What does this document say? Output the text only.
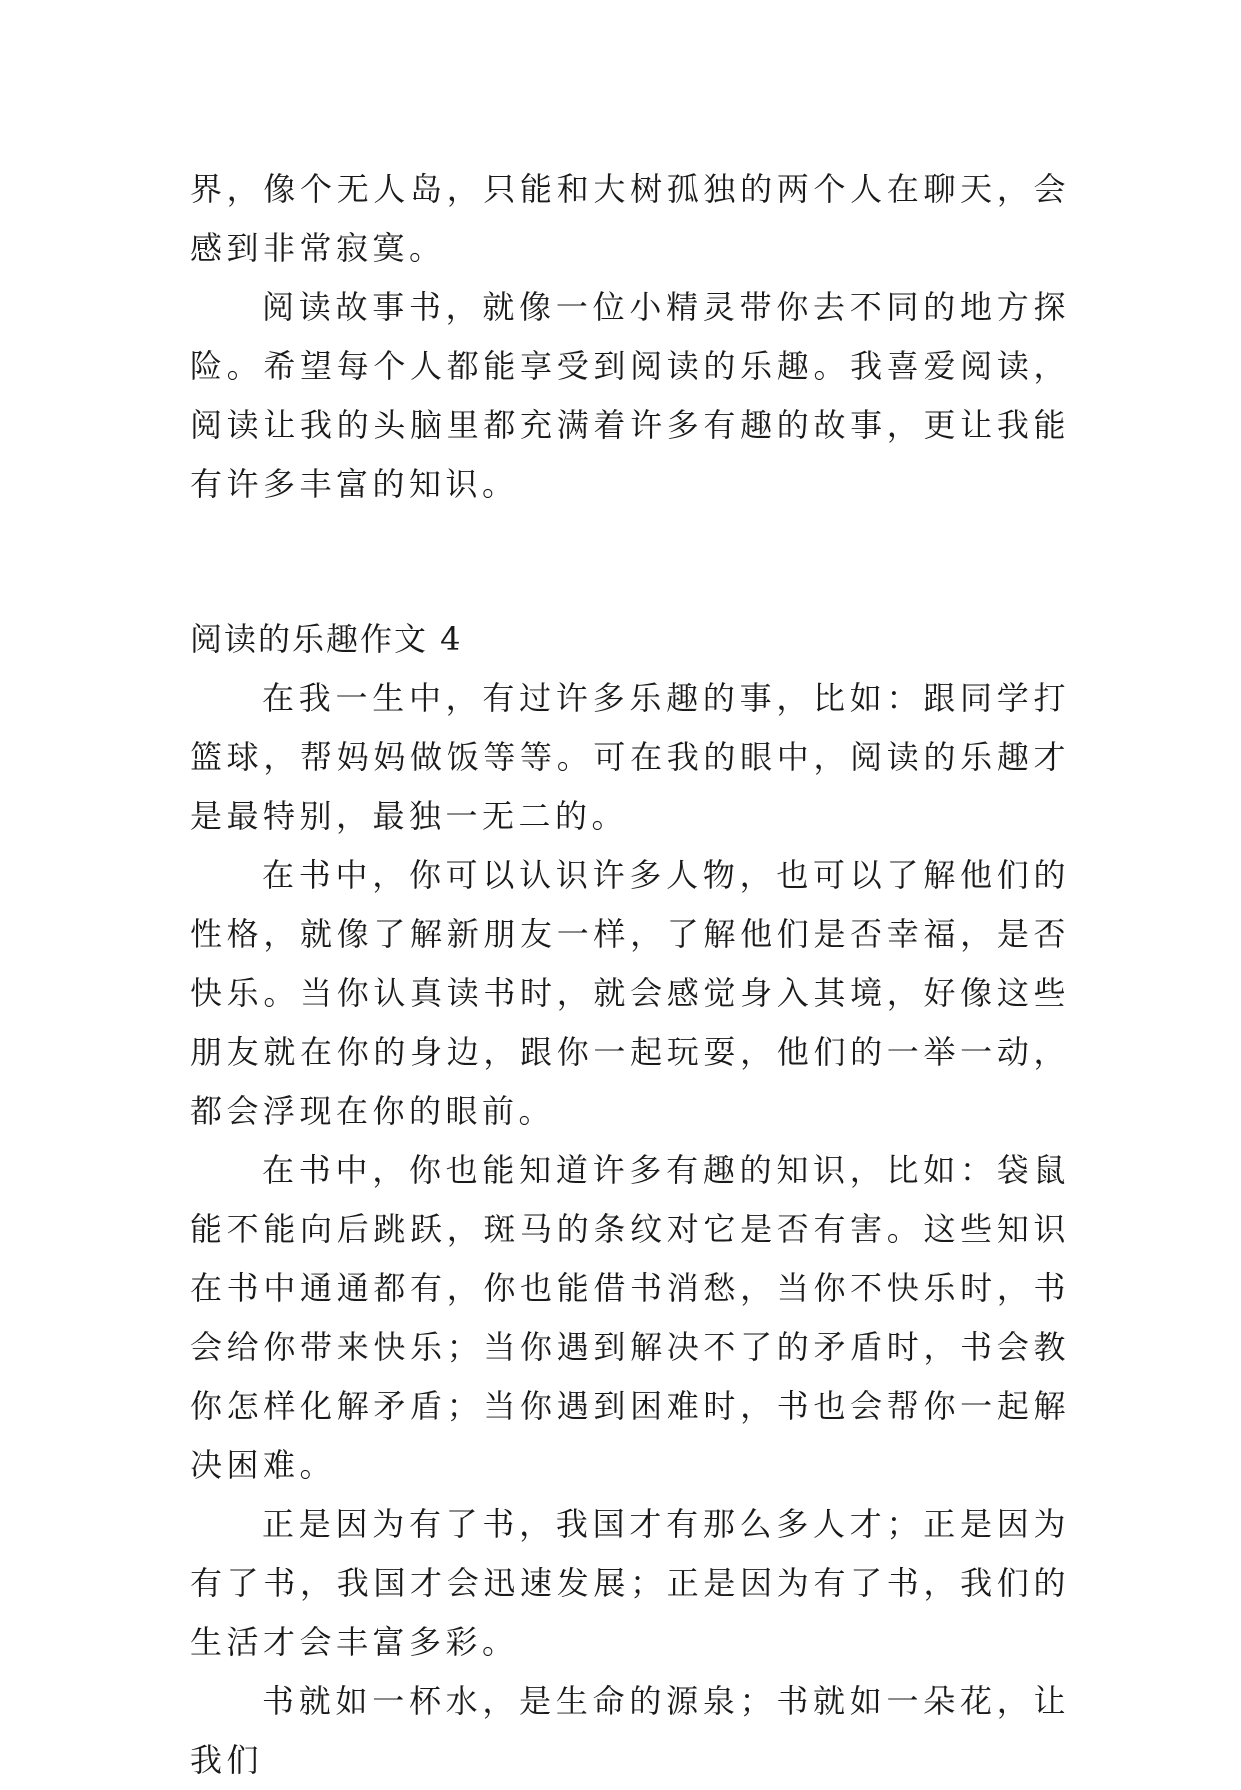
界，像个无人岛，只能和大树孤独的两个人在聊天，会感到非常寂寞。

阅读故事书，就像一位小精灵带你去不同的地方探险。希望每个人都能享受到阅读的乐趣。我喜爱阅读，阅读让我的头脑里都充满着许多有趣的故事，更让我能有许多丰富的知识。

阅读的乐趣作文 4

在我一生中，有过许多乐趣的事，比如：跟同学打篮球，帮妈妈做饭等等。可在我的眼中，阅读的乐趣才是最特别，最独一无二的。

在书中，你可以认识许多人物，也可以了解他们的性格，就像了解新朋友一样，了解他们是否幸福，是否快乐。当你认真读书时，就会感觉身入其境，好像这些朋友就在你的身边，跟你一起玩耍，他们的一举一动，都会浮现在你的眼前。

在书中，你也能知道许多有趣的知识，比如：袋鼠能不能向后跳跃，斑马的条纹对它是否有害。这些知识在书中通通都有，你也能借书消愁，当你不快乐时，书会给你带来快乐；当你遇到解决不了的矛盾时，书会教你怎样化解矛盾；当你遇到困难时，书也会帮你一起解决困难。

正是因为有了书，我国才有那么多人才；正是因为有了书，我国才会迅速发展；正是因为有了书，我们的生活才会丰富多彩。

书就如一杯水，是生命的源泉；书就如一朵花，让我们
